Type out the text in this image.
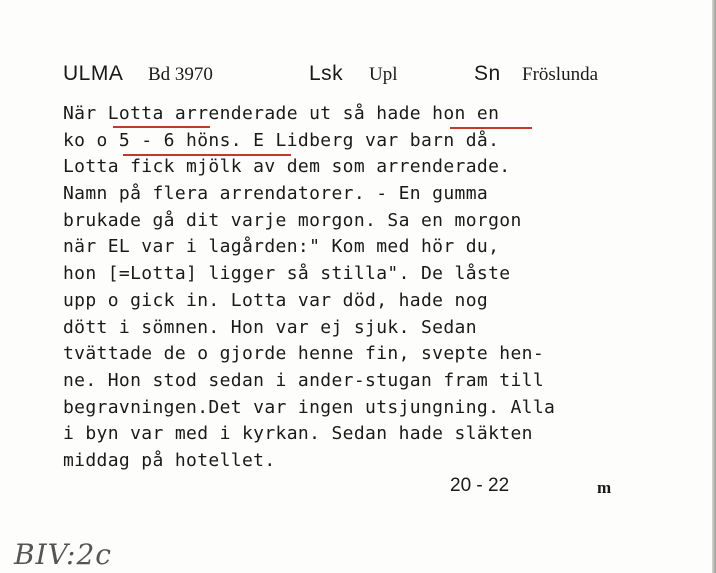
ULMA Bd 3970	Lsk Upl	Sn Fröslunda
När Lotta arrenderade ut så hade hon en
ko o 5 - 6 höns. E Lidberg var barn då.
Lotta fick mjölk av dem som arrenderade.
Namn på flera arrendatorer. - En gumma
brukade gå dit varje morgon. Sa en morgon
när EL var i lagården:" Kom med hör du,
hon [=Lotta] ligger så stilla". De låste
upp o gick in. Lotta var död, hade nog
dött i sömnen. Hon var ej sjuk. Sedan
tvättade de o gjorde henne fin, svepte hen-
ne. Hon stod sedan i ander-stugan fram till
begravningen.Det var ingen utsjungning. Alla
i byn var med i kyrkan. Sedan hade släkten
middag på hotellet.
20 - 22	m
BIV:2c
